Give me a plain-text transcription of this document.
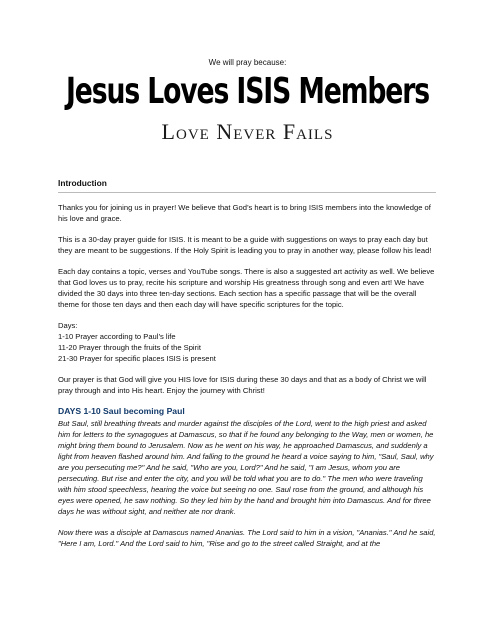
We will pray because:
Jesus Loves ISIS Members
Love Never Fails
Introduction

Thanks you for joining us in prayer! We believe that God’s heart is to bring ISIS members into the knowledge of his love and grace.

This is a 30-day prayer guide for ISIS. It is meant to be a guide with suggestions on ways to pray each day but they are meant to be suggestions. If the Holy Spirit is leading you to pray in another way, please follow his lead!

Each day contains a topic, verses and YouTube songs. There is also a suggested art activity as well. We believe that God loves us to pray, recite his scripture and worship His greatness through song and even art! We have divided the 30 days into three ten-day sections. Each section has a specific passage that will be the overall theme for those ten days and then each day will have specific scriptures for the topic.

Days:
1-10 Prayer according to Paul’s life
11-20 Prayer through the fruits of the Spirit
21-30 Prayer for specific places ISIS is present

Our prayer is that God will give you HIS love for ISIS during these 30 days and that as a body of Christ we will pray through and into His heart. Enjoy the journey with Christ!

DAYS 1-10 Saul becoming Paul

But Saul, still breathing threats and murder against the disciples of the Lord, went to the high priest and asked him for letters to the synagogues at Damascus, so that if he found any belonging to the Way, men or women, he might bring them bound to Jerusalem. Now as he went on his way, he approached Damascus, and suddenly a light from heaven flashed around him. And falling to the ground he heard a voice saying to him, "Saul, Saul, why are you persecuting me?" And he said, "Who are you, Lord?" And he said, "I am Jesus, whom you are persecuting. But rise and enter the city, and you will be told what you are to do." The men who were traveling with him stood speechless, hearing the voice but seeing no one. Saul rose from the ground, and although his eyes were opened, he saw nothing. So they led him by the hand and brought him into Damascus. And for three days he was without sight, and neither ate nor drank.

Now there was a disciple at Damascus named Ananias. The Lord said to him in a vision, "Ananias." And he said, "Here I am, Lord." And the Lord said to him, "Rise and go to the street called Straight, and at the
